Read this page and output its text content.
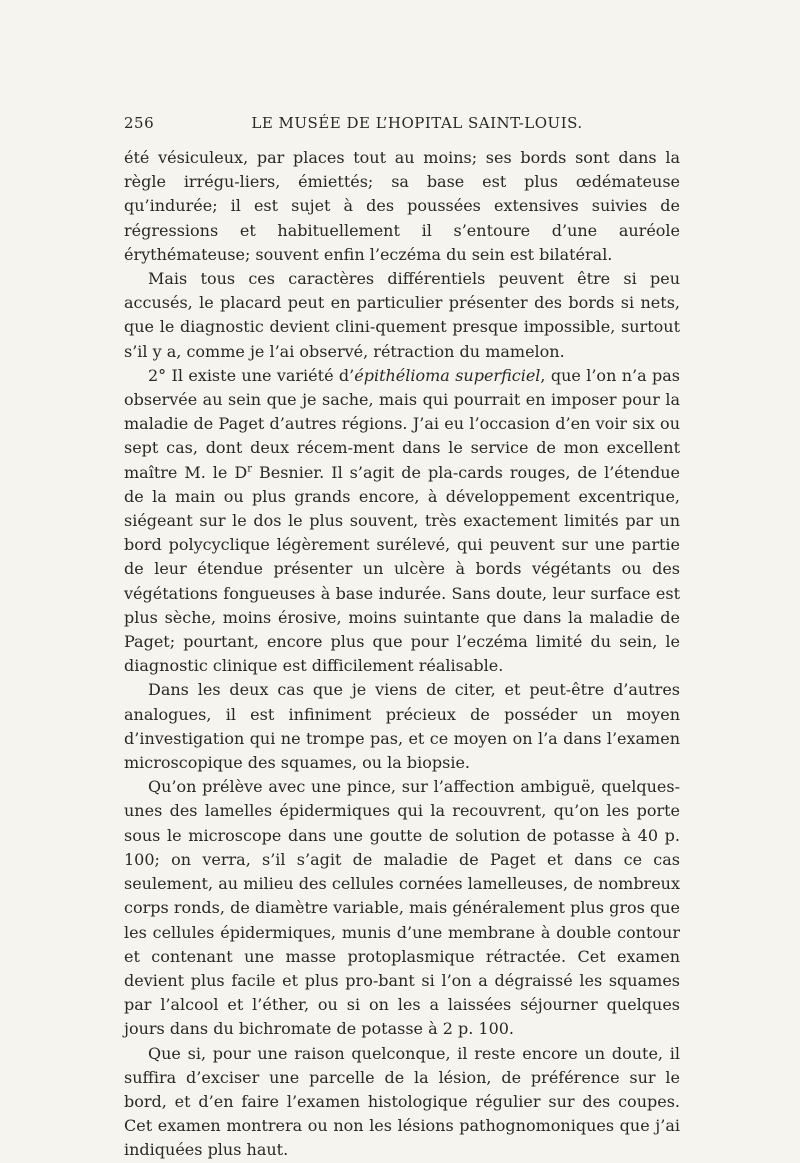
256	LE MUSÉE DE L’HOPITAL SAINT-LOUIS.

été vésiculeux, par places tout au moins; ses bords sont dans la règle irrégu-liers, émiettés; sa base est plus œdémateuse qu’indurée; il est sujet à des poussées extensives suivies de régressions et habituellement il s’entoure d’une auréole érythémateuse; souvent enfin l’eczéma du sein est bilatéral.

Mais tous ces caractères différentiels peuvent être si peu accusés, le placard peut en particulier présenter des bords si nets, que le diagnostic devient clini-quement presque impossible, surtout s’il y a, comme je l’ai observé, rétraction du mamelon.

2° Il existe une variété d’épithélioma superficiel, que l’on n’a pas observée au sein que je sache, mais qui pourrait en imposer pour la maladie de Paget d’autres régions. J’ai eu l’occasion d’en voir six ou sept cas, dont deux récem-ment dans le service de mon excellent maître M. le $D^r$ Besnier. Il s’agit de pla-cards rouges, de l’étendue de la main ou plus grands encore, à développement excentrique, siégeant sur le dos le plus souvent, très exactement limités par un bord polycyclique légèrement surélevé, qui peuvent sur une partie de leur étendue présenter un ulcère à bords végétants ou des végétations fongueuses à base indurée. Sans doute, leur surface est plus sèche, moins érosive, moins suintante que dans la maladie de Paget; pourtant, encore plus que pour l’eczéma limité du sein, le diagnostic clinique est difficilement réalisable.

Dans les deux cas que je viens de citer, et peut-être d’autres analogues, il est infiniment précieux de posséder un moyen d’investigation qui ne trompe pas, et ce moyen on l’a dans l’examen microscopique des squames, ou la biopsie.

Qu’on prélève avec une pince, sur l’affection ambiguë, quelques-unes des lamelles épidermiques qui la recouvrent, qu’on les porte sous le microscope dans une goutte de solution de potasse à 40 p. 100; on verra, s’il s’agit de maladie de Paget et dans ce cas seulement, au milieu des cellules cornées lamelleuses, de nombreux corps ronds, de diamètre variable, mais généralement plus gros que les cellules épidermiques, munis d’une membrane à double contour et contenant une masse protoplasmique rétractée. Cet examen devient plus facile et plus pro-bant si l’on a dégraissé les squames par l’alcool et l’éther, ou si on les a laissées séjourner quelques jours dans du bichromate de potasse à 2 p. 100.

Que si, pour une raison quelconque, il reste encore un doute, il suffira d’exciser une parcelle de la lésion, de préférence sur le bord, et d’en faire l’examen histologique régulier sur des coupes. Cet examen montrera ou non les lésions pathognomoniques que j’ai indiquées plus haut.
